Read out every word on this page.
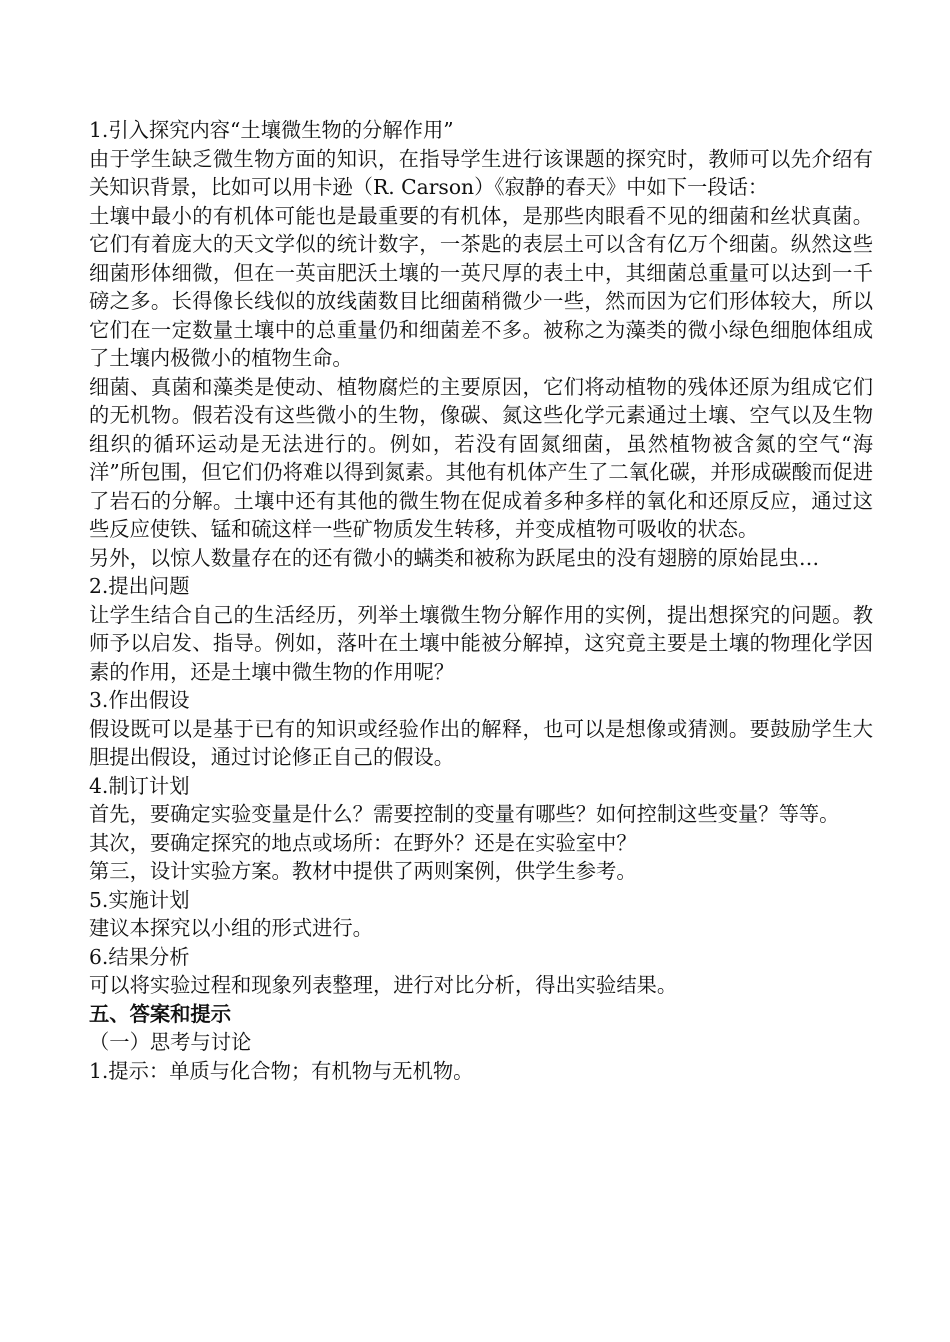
1.引入探究内容“土壤微生物的分解作用”

由于学生缺乏微生物方面的知识，在指导学生进行该课题的探究时，教师可以先介绍有关知识背景，比如可以用卡逊（R. Carson）《寂静的春天》中如下一段话：

土壤中最小的有机体可能也是最重要的有机体，是那些肉眼看不见的细菌和丝状真菌。它们有着庞大的天文学似的统计数字，一茶匙的表层土可以含有亿万个细菌。纵然这些细菌形体细微，但在一英亩肥沃土壤的一英尺厚的表土中，其细菌总重量可以达到一千磅之多。长得像长线似的放线菌数目比细菌稍微少一些，然而因为它们形体较大，所以它们在一定数量土壤中的总重量仍和细菌差不多。被称之为藻类的微小绿色细胞体组成了土壤内极微小的植物生命。

细菌、真菌和藻类是使动、植物腐烂的主要原因，它们将动植物的残体还原为组成它们的无机物。假若没有这些微小的生物，像碳、氮这些化学元素通过土壤、空气以及生物组织的循环运动是无法进行的。例如，若没有固氮细菌，虽然植物被含氮的空气“海洋”所包围，但它们仍将难以得到氮素。其他有机体产生了二氧化碳，并形成碳酸而促进了岩石的分解。土壤中还有其他的微生物在促成着多种多样的氧化和还原反应，通过这些反应使铁、锰和硫这样一些矿物质发生转移，并变成植物可吸收的状态。

另外，以惊人数量存在的还有微小的螨类和被称为跃尾虫的没有翅膀的原始昆虫…

2.提出问题

让学生结合自己的生活经历，列举土壤微生物分解作用的实例，提出想探究的问题。教师予以启发、指导。例如，落叶在土壤中能被分解掉，这究竟主要是土壤的物理化学因素的作用，还是土壤中微生物的作用呢？

3.作出假设

假设既可以是基于已有的知识或经验作出的解释，也可以是想像或猜测。要鼓励学生大胆提出假设，通过讨论修正自己的假设。

4.制订计划

首先，要确定实验变量是什么？需要控制的变量有哪些？如何控制这些变量？等等。

其次，要确定探究的地点或场所：在野外？还是在实验室中？

第三，设计实验方案。教材中提供了两则案例，供学生参考。

5.实施计划

建议本探究以小组的形式进行。

6.结果分析

可以将实验过程和现象列表整理，进行对比分析，得出实验结果。

五、答案和提示

（一）思考与讨论

1.提示：单质与化合物；有机物与无机物。
